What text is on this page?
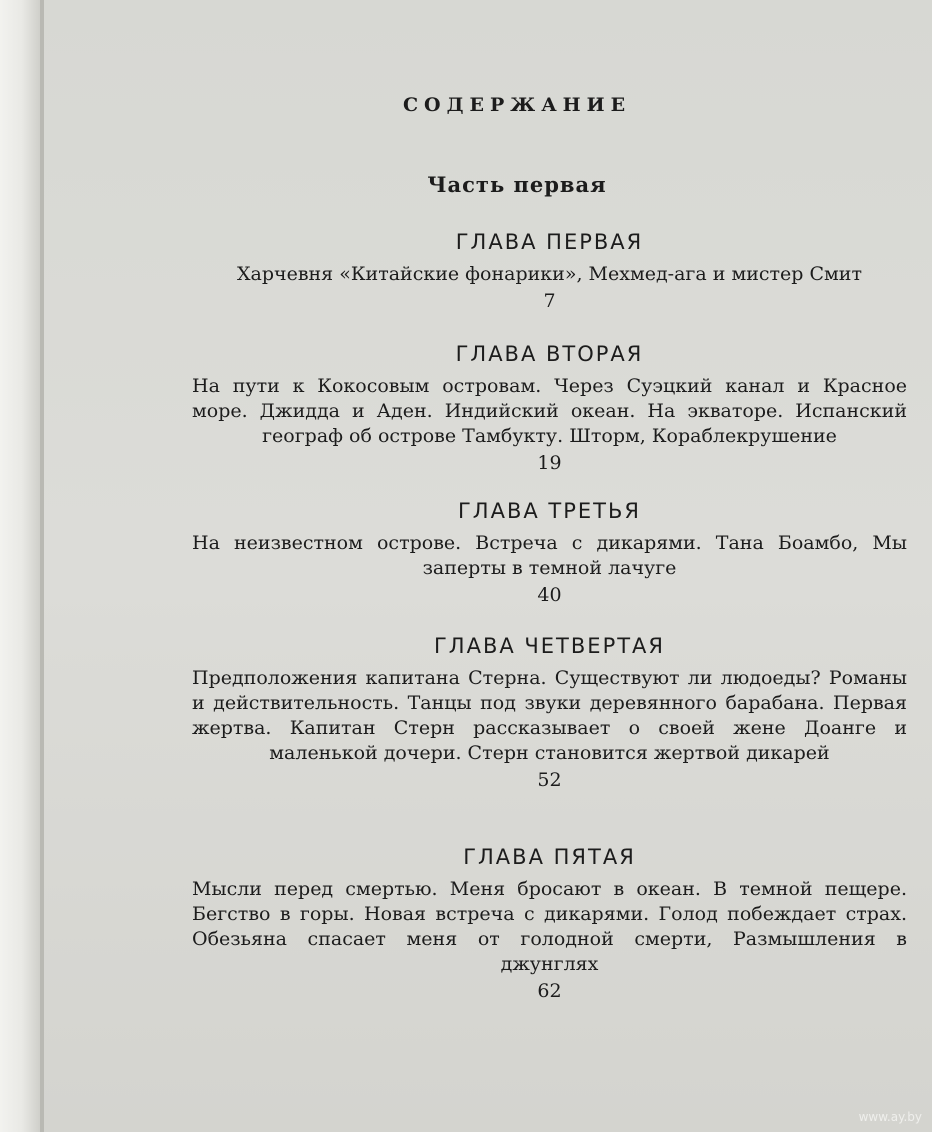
СОДЕРЖАНИЕ
Часть первая
ГЛАВА ПЕРВАЯ

Харчевня «Китайские фонарики», Мехмед-ага и мистер Смит

7
ГЛАВА ВТОРАЯ

На пути к Кокосовым островам. Через Суэцкий канал и Красное море. Джидда и Аден. Индийский океан. На экваторе. Испанский географ об острове Тамбукту. Шторм, Кораблекрушение

19
ГЛАВА ТРЕТЬЯ

На неизвестном острове. Встреча с дикарями. Тана Боамбо, Мы заперты в темной лачуге

40
ГЛАВА ЧЕТВЕРТАЯ

Предположения капитана Стерна. Существуют ли людоеды? Романы и действительность. Танцы под звуки деревянного барабана. Первая жертва. Капитан Стерн рассказывает о своей жене Доанге и маленькой дочери. Стерн становится жертвой дикарей

52
ГЛАВА ПЯТАЯ

Мысли перед смертью. Меня бросают в океан. В темной пещере. Бегство в горы. Новая встреча с дикарями. Голод побеждает страх. Обезьяна спасает меня от голодной смерти, Размышления в джунглях

62
www.ay.by
